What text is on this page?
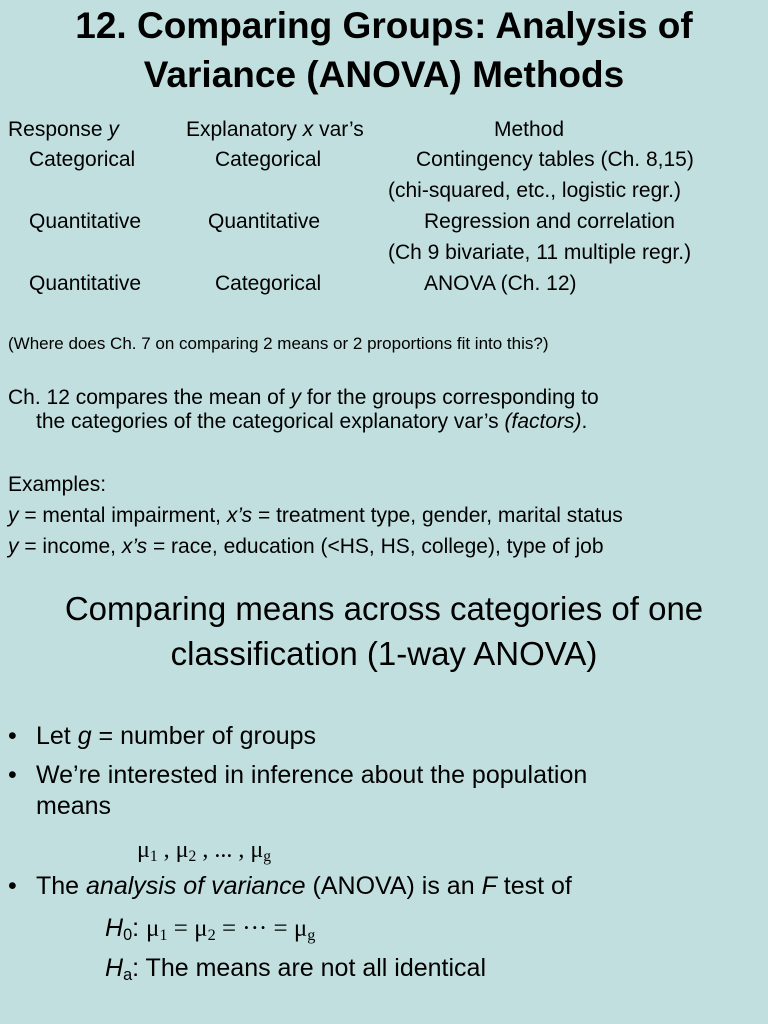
12. Comparing Groups: Analysis of
Variance (ANOVA) Methods
Response y	Explanatory x var’s	Method
Categorical	Categorical	Contingency tables (Ch. 8,15)
(chi-squared, etc., logistic regr.)
Quantitative	Quantitative	Regression and correlation
(Ch 9 bivariate, 11 multiple regr.)
Quantitative	Categorical	ANOVA (Ch. 12)
(Where does Ch. 7 on comparing 2 means or 2 proportions fit into this?)
Ch. 12 compares the mean of y for the groups corresponding to
the categories of the categorical explanatory var’s (factors).
Examples:
y = mental impairment, x’s = treatment type, gender, marital status
y = income, x’s = race, education (<HS, HS, college), type of job
Comparing means across categories of one
classification (1-way ANOVA)
• Let g = number of groups
• We’re interested in inference about the population
means
$\mu_1$ , $\mu_2$ , ... , $\mu_g$
• The analysis of variance (ANOVA) is an F test of
$H_0$: $\mu_1 = \mu_2$ = ··· = $\mu_g$
$H_a$: The means are not all identical
